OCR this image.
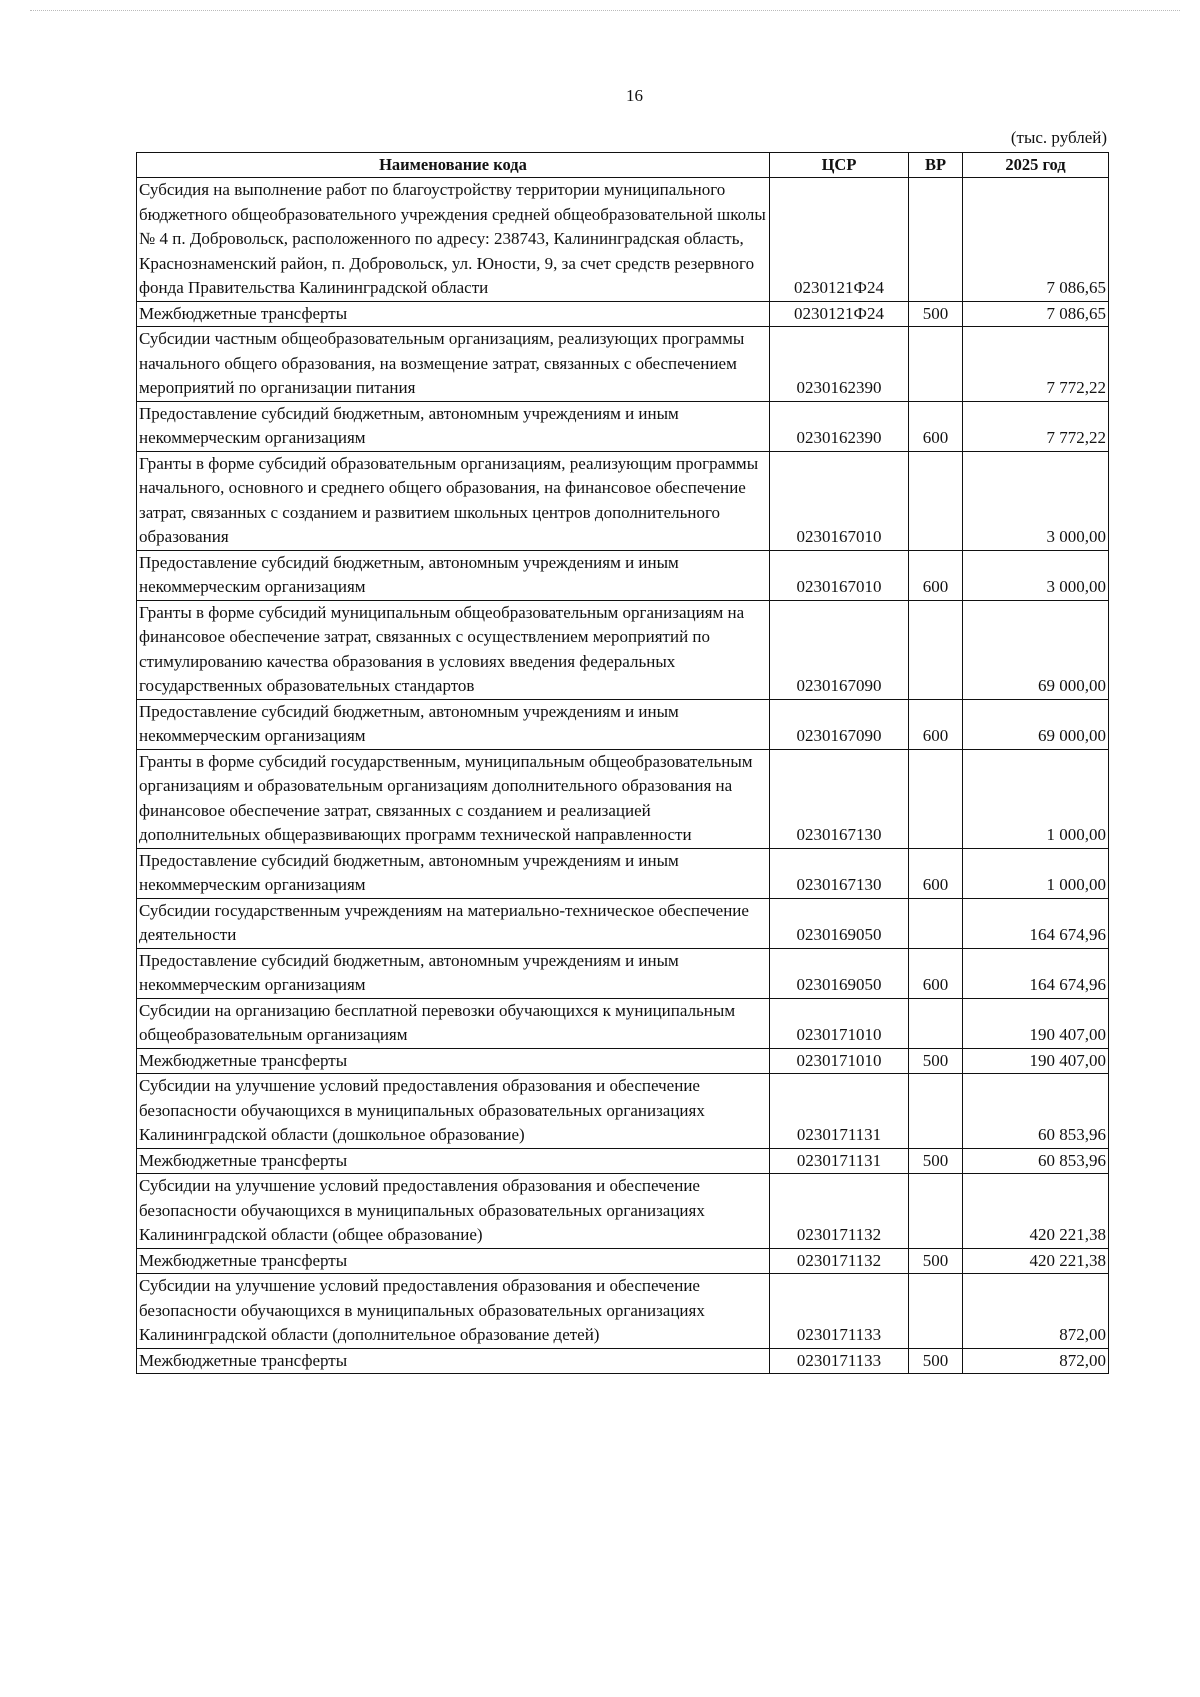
16
(тыс. рублей)
Наименование кода	ЦСР	ВР	2025 год
Субсидия на выполнение работ по благоустройству территории муниципального бюджетного общеобразовательного учреждения средней общеобразовательной школы № 4 п. Добровольск, расположенного по адресу: 238743, Калининградская область, Краснознаменский район, п. Добровольск, ул. Юности, 9, за счет средств резервного фонда Правительства Калининградской области	0230121Ф24		7 086,65
Межбюджетные трансферты	0230121Ф24	500	7 086,65
Субсидии частным общеобразовательным организациям, реализующих программы начального общего образования, на возмещение затрат, связанных с обеспечением мероприятий по организации питания	0230162390		7 772,22
Предоставление субсидий бюджетным, автономным учреждениям и иным некоммерческим организациям	0230162390	600	7 772,22
Гранты в форме субсидий образовательным организациям, реализующим программы начального, основного и среднего общего образования, на финансовое обеспечение затрат, связанных с созданием и развитием школьных центров дополнительного образования	0230167010		3 000,00
Предоставление субсидий бюджетным, автономным учреждениям и иным некоммерческим организациям	0230167010	600	3 000,00
Гранты в форме субсидий муниципальным общеобразовательным организациям на финансовое обеспечение затрат, связанных с осуществлением мероприятий по стимулированию качества образования в условиях введения федеральных государственных образовательных стандартов	0230167090		69 000,00
Предоставление субсидий бюджетным, автономным учреждениям и иным некоммерческим организациям	0230167090	600	69 000,00
Гранты в форме субсидий государственным, муниципальным общеобразовательным организациям и образовательным организациям дополнительного образования на финансовое обеспечение затрат, связанных с созданием и реализацией дополнительных общеразвивающих программ технической направленности	0230167130		1 000,00
Предоставление субсидий бюджетным, автономным учреждениям и иным некоммерческим организациям	0230167130	600	1 000,00
Субсидии государственным учреждениям на материально-техническое обеспечение деятельности	0230169050		164 674,96
Предоставление субсидий бюджетным, автономным учреждениям и иным некоммерческим организациям	0230169050	600	164 674,96
Субсидии на организацию бесплатной перевозки обучающихся к муниципальным общеобразовательным организациям	0230171010		190 407,00
Межбюджетные трансферты	0230171010	500	190 407,00
Субсидии на улучшение условий предоставления образования и обеспечение безопасности обучающихся в муниципальных образовательных организациях Калининградской области (дошкольное образование)	0230171131		60 853,96
Межбюджетные трансферты	0230171131	500	60 853,96
Субсидии на улучшение условий предоставления образования и обеспечение безопасности обучающихся в муниципальных образовательных организациях Калининградской области (общее образование)	0230171132		420 221,38
Межбюджетные трансферты	0230171132	500	420 221,38
Субсидии на улучшение условий предоставления образования и обеспечение безопасности обучающихся в муниципальных образовательных организациях Калининградской области (дополнительное образование детей)	0230171133		872,00
Межбюджетные трансферты	0230171133	500	872,00
